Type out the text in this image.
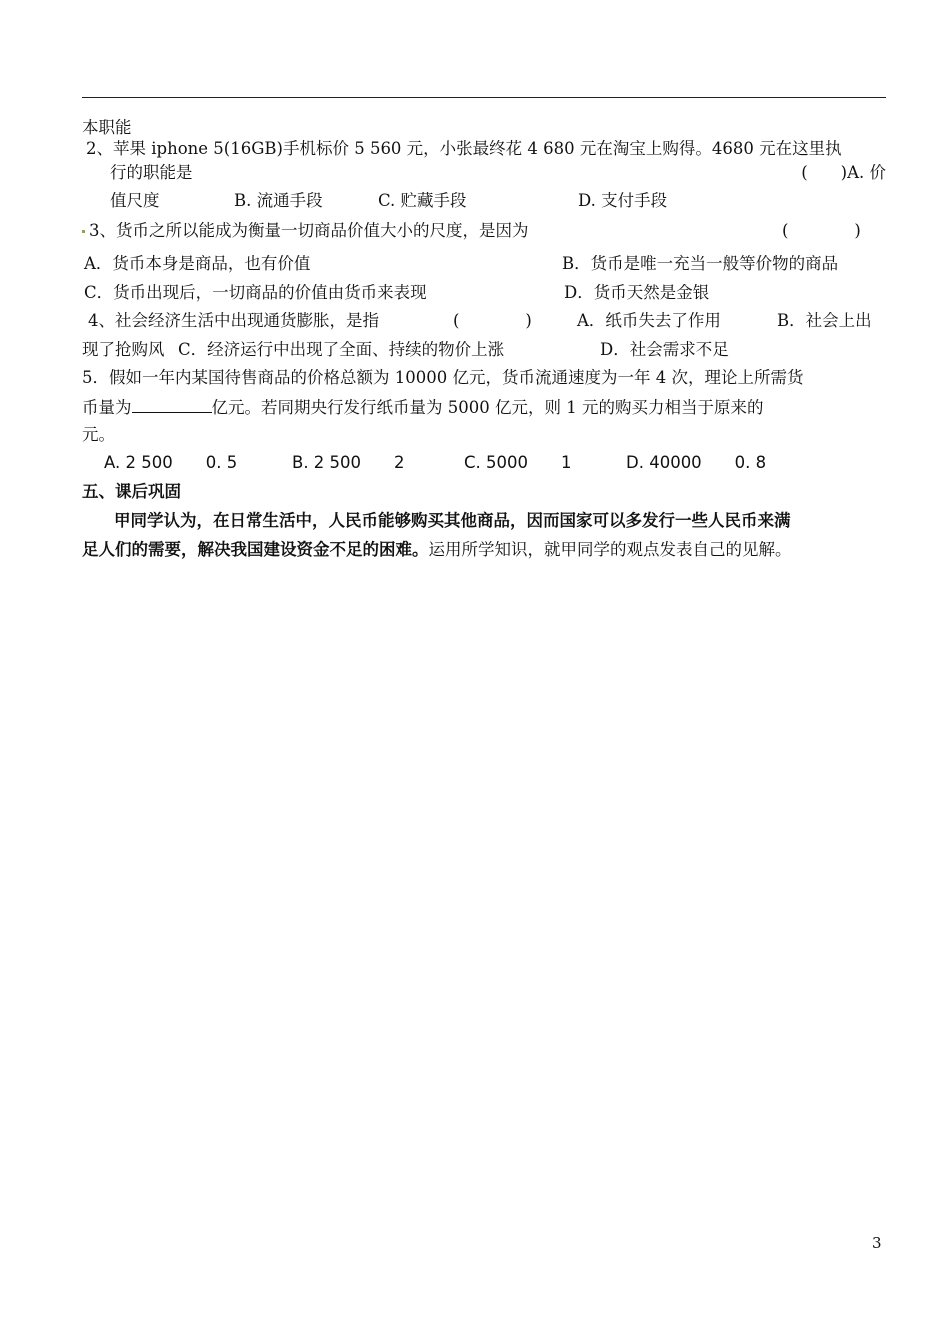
本职能
2、苹果 iphone 5(16GB)手机标价 5 560 元，小张最终花 4 680 元在淘宝上购得。4680 元在这里执
行的职能是	(　　)A. 价
值尺度	B. 流通手段	C. 贮藏手段	D. 支付手段
3、货币之所以能成为衡量一切商品价值大小的尺度，是因为	(　　　　)
A．货币本身是商品，也有价值	B．货币是唯一充当一般等价物的商品
C．货币出现后，一切商品的价值由货币来表现	D．货币天然是金银
4、社会经济生活中出现通货膨胀，是指	(　　　　)	A．纸币失去了作用	B．社会上出
现了抢购风 C．经济运行中出现了全面、持续的物价上涨	D．社会需求不足
5．假如一年内某国待售商品的价格总额为 10000 亿元，货币流通速度为一年 4 次，理论上所需货
币量为	亿元。若同期央行发行纸币量为 5000 亿元，则 1 元的购买力相当于原来的
元。
A. 2 500　　0. 5	B. 2 500　　2	C. 5000　　1	D. 40000　　0. 8
五、课后巩固
甲同学认为，在日常生活中，人民币能够购买其他商品，因而国家可以多发行一些人民币来满
足人们的需要，解决我国建设资金不足的困难。运用所学知识，就甲同学的观点发表自己的见解。
3
